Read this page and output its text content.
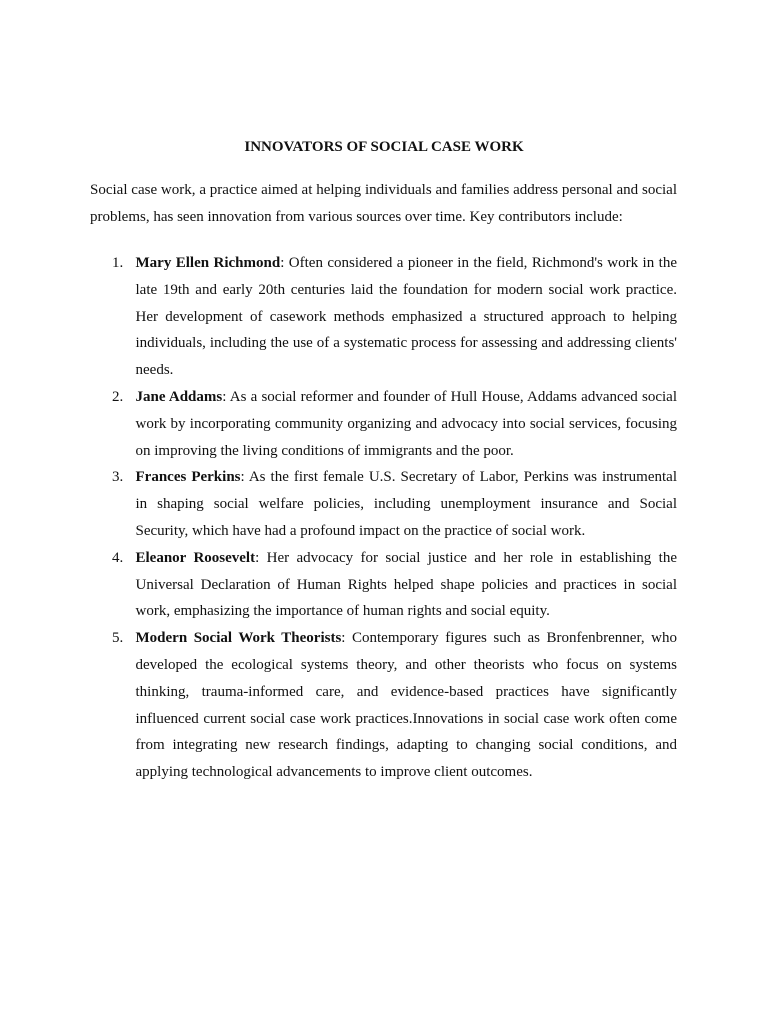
INNOVATORS OF SOCIAL CASE WORK

Social case work, a practice aimed at helping individuals and families address personal and social problems, has seen innovation from various sources over time. Key contributors include:

1. Mary Ellen Richmond: Often considered a pioneer in the field, Richmond's work in the late 19th and early 20th centuries laid the foundation for modern social work practice. Her development of casework methods emphasized a structured approach to helping individuals, including the use of a systematic process for assessing and addressing clients' needs.
2. Jane Addams: As a social reformer and founder of Hull House, Addams advanced social work by incorporating community organizing and advocacy into social services, focusing on improving the living conditions of immigrants and the poor.
3. Frances Perkins: As the first female U.S. Secretary of Labor, Perkins was instrumental in shaping social welfare policies, including unemployment insurance and Social Security, which have had a profound impact on the practice of social work.
4. Eleanor Roosevelt: Her advocacy for social justice and her role in establishing the Universal Declaration of Human Rights helped shape policies and practices in social work, emphasizing the importance of human rights and social equity.
5. Modern Social Work Theorists: Contemporary figures such as Bronfenbrenner, who developed the ecological systems theory, and other theorists who focus on systems thinking, trauma-informed care, and evidence-based practices have significantly influenced current social case work practices.Innovations in social case work often come from integrating new research findings, adapting to changing social conditions, and applying technological advancements to improve client outcomes.
